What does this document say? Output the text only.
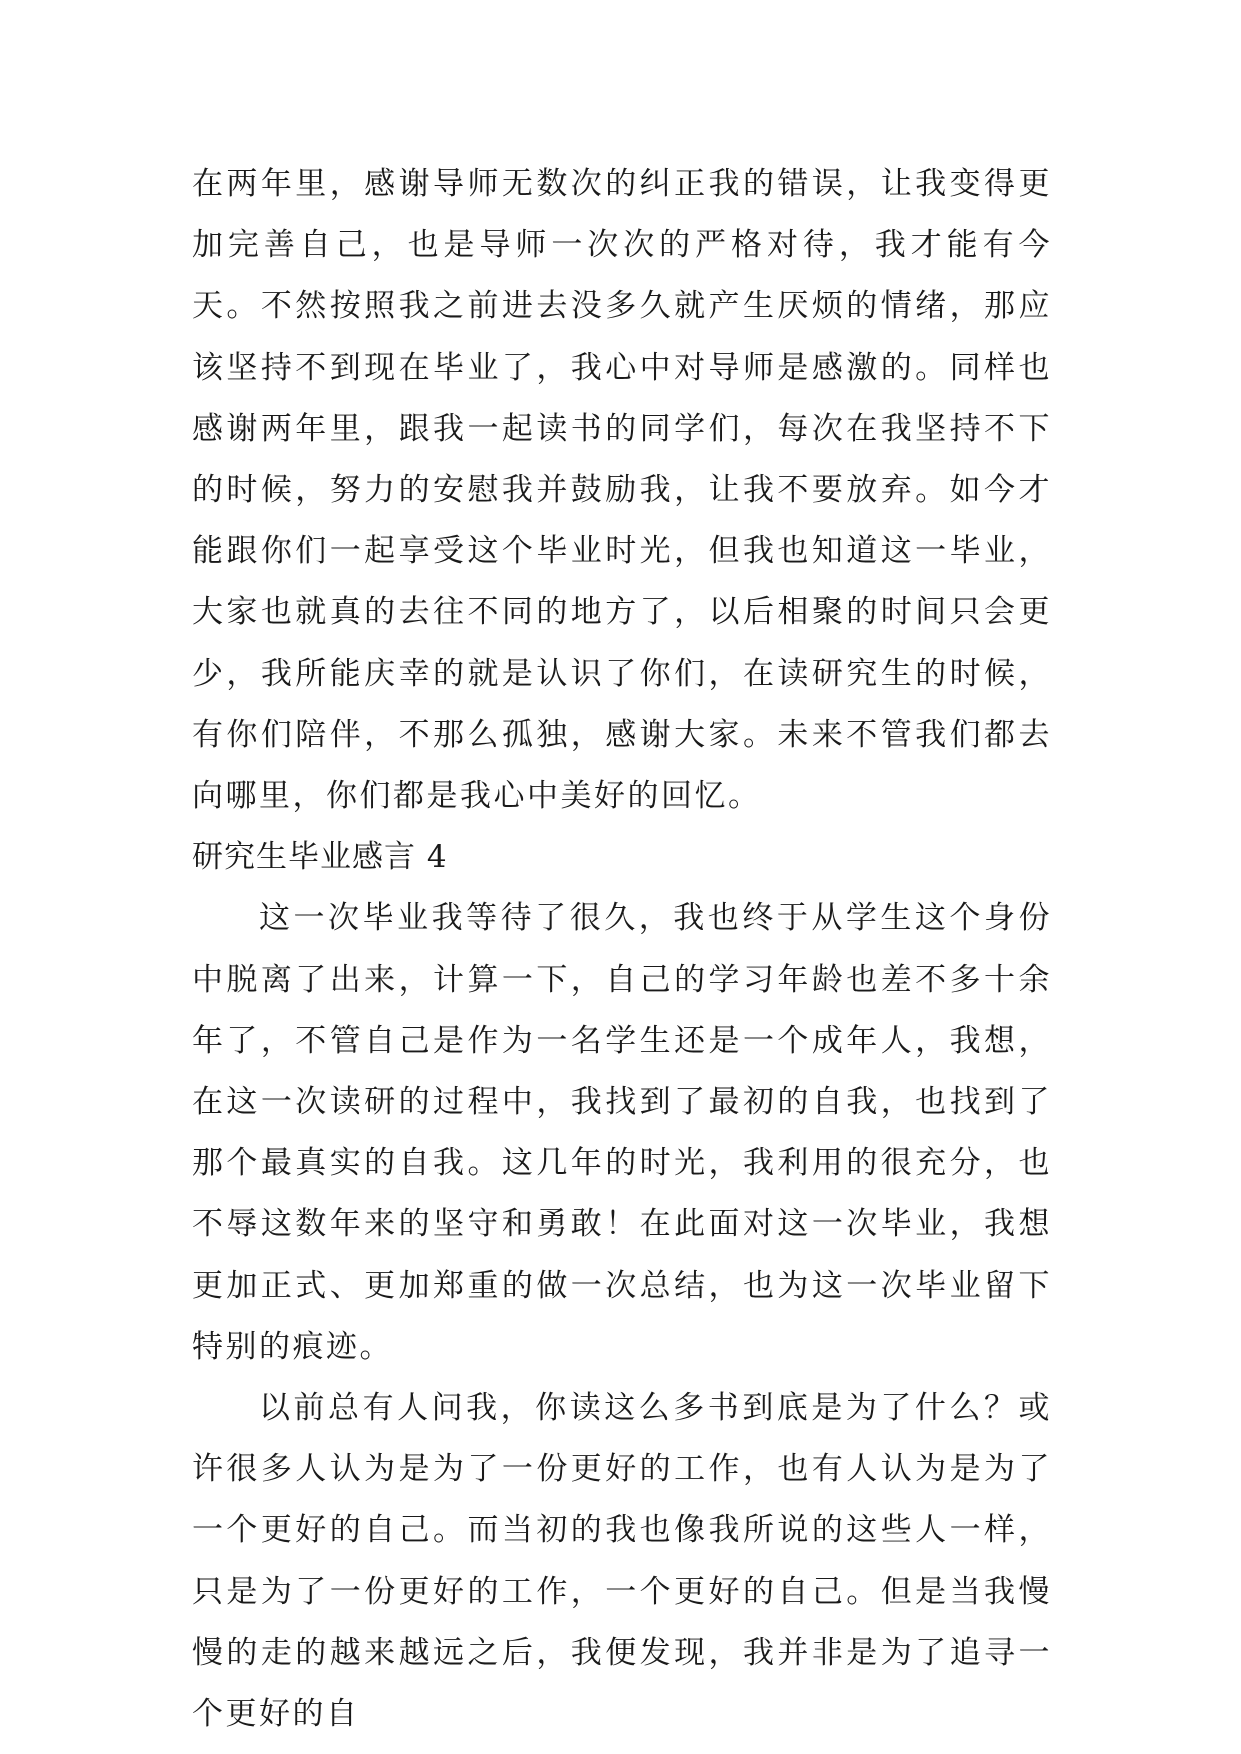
在两年里，感谢导师无数次的纠正我的错误，让我变得更加完善自己，也是导师一次次的严格对待，我才能有今天。不然按照我之前进去没多久就产生厌烦的情绪，那应该坚持不到现在毕业了，我心中对导师是感激的。同样也感谢两年里，跟我一起读书的同学们，每次在我坚持不下的时候，努力的安慰我并鼓励我，让我不要放弃。如今才能跟你们一起享受这个毕业时光，但我也知道这一毕业，大家也就真的去往不同的地方了，以后相聚的时间只会更少，我所能庆幸的就是认识了你们，在读研究生的时候，有你们陪伴，不那么孤独，感谢大家。未来不管我们都去向哪里，你们都是我心中美好的回忆。

研究生毕业感言 4

这一次毕业我等待了很久，我也终于从学生这个身份中脱离了出来，计算一下，自己的学习年龄也差不多十余年了，不管自己是作为一名学生还是一个成年人，我想，在这一次读研的过程中，我找到了最初的自我，也找到了那个最真实的自我。这几年的时光，我利用的很充分，也不辱这数年来的坚守和勇敢！在此面对这一次毕业，我想更加正式、更加郑重的做一次总结，也为这一次毕业留下特别的痕迹。

以前总有人问我，你读这么多书到底是为了什么？或许很多人认为是为了一份更好的工作，也有人认为是为了一个更好的自己。而当初的我也像我所说的这些人一样，只是为了一份更好的工作，一个更好的自己。但是当我慢慢的走的越来越远之后，我便发现，我并非是为了追寻一个更好的自
